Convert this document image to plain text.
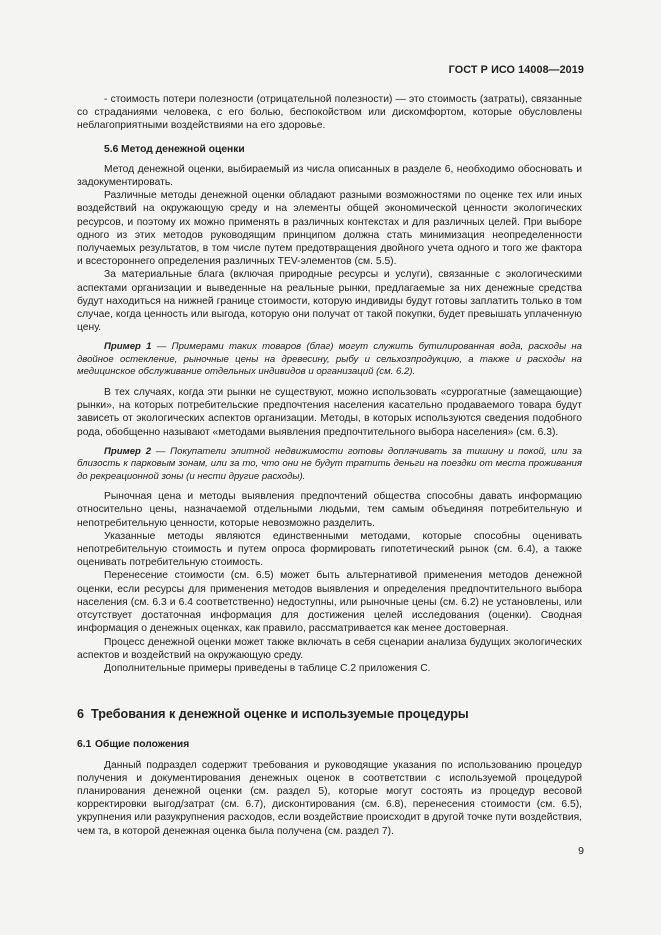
ГОСТ Р ИСО 14008—2019

- стоимость потери полезности (отрицательной полезности) — это стоимость (затраты), связанные со страданиями человека, с его болью, беспокойством или дискомфортом, которые обусловлены неблагоприятными воздействиями на его здоровье.

5.6 Метод денежной оценки

Метод денежной оценки, выбираемый из числа описанных в разделе 6, необходимо обосновать и задокументировать.

Различные методы денежной оценки обладают разными возможностями по оценке тех или иных воздействий на окружающую среду и на элементы общей экономической ценности экологических ресурсов, и поэтому их можно применять в различных контекстах и для различных целей. При выборе одного из этих методов руководящим принципом должна стать минимизация неопределенности получаемых результатов, в том числе путем предотвращения двойного учета одного и того же фактора и всестороннего определения различных TEV-элементов (см. 5.5).

За материальные блага (включая природные ресурсы и услуги), связанные с экологическими аспектами организации и выведенные на реальные рынки, предлагаемые за них денежные средства будут находиться на нижней границе стоимости, которую индивиды будут готовы заплатить только в том случае, когда ценность или выгода, которую они получат от такой покупки, будет превышать уплаченную цену.

Пример 1 — Примерами таких товаров (благ) могут служить бутилированная вода, расходы на двойное остекление, рыночные цены на древесину, рыбу и сельхозпродукцию, а также и расходы на медицинское обслуживание отдельных индивидов и организаций (см. 6.2).

В тех случаях, когда эти рынки не существуют, можно использовать «суррогатные (замещающие) рынки», на которых потребительские предпочтения населения касательно продаваемого товара будут зависеть от экологических аспектов организации. Методы, в которых используются сведения подобного рода, обобщенно называют «методами выявления предпочтительного выбора населения» (см. 6.3).

Пример 2 — Покупатели элитной недвижимости готовы доплачивать за тишину и покой, или за близость к парковым зонам, или за то, что они не будут тратить деньги на поездки от места проживания до рекреационной зоны (и нести другие расходы).

Рыночная цена и методы выявления предпочтений общества способны давать информацию относительно цены, назначаемой отдельными людьми, тем самым объединяя потребительную и непотребительную ценности, которые невозможно разделить.

Указанные методы являются единственными методами, которые способны оценивать непотребительную стоимость и путем опроса формировать гипотетический рынок (см. 6.4), а также оценивать потребительную стоимость.

Перенесение стоимости (см. 6.5) может быть альтернативой применения методов денежной оценки, если ресурсы для применения методов выявления и определения предпочтительного выбора населения (см. 6.3 и 6.4 соответственно) недоступны, или рыночные цены (см. 6.2) не установлены, или отсутствует достаточная информация для достижения целей исследования (оценки). Сводная информация о денежных оценках, как правило, рассматривается как менее достоверная.

Процесс денежной оценки может также включать в себя сценарии анализа будущих экологических аспектов и воздействий на окружающую среду.

Дополнительные примеры приведены в таблице С.2 приложения С.

6 Требования к денежной оценке и используемые процедуры
6.1 Общие положения

Данный подраздел содержит требования и руководящие указания по использованию процедур получения и документирования денежных оценок в соответствии с используемой процедурой планирования денежной оценки (см. раздел 5), которые могут состоять из процедур весовой корректировки выгод/затрат (см. 6.7), дисконтирования (см. 6.8), перенесения стоимости (см. 6.5), укрупнения или разукрупнения расходов, если воздействие происходит в другой точке пути воздействия, чем та, в которой денежная оценка была получена (см. раздел 7).

9
